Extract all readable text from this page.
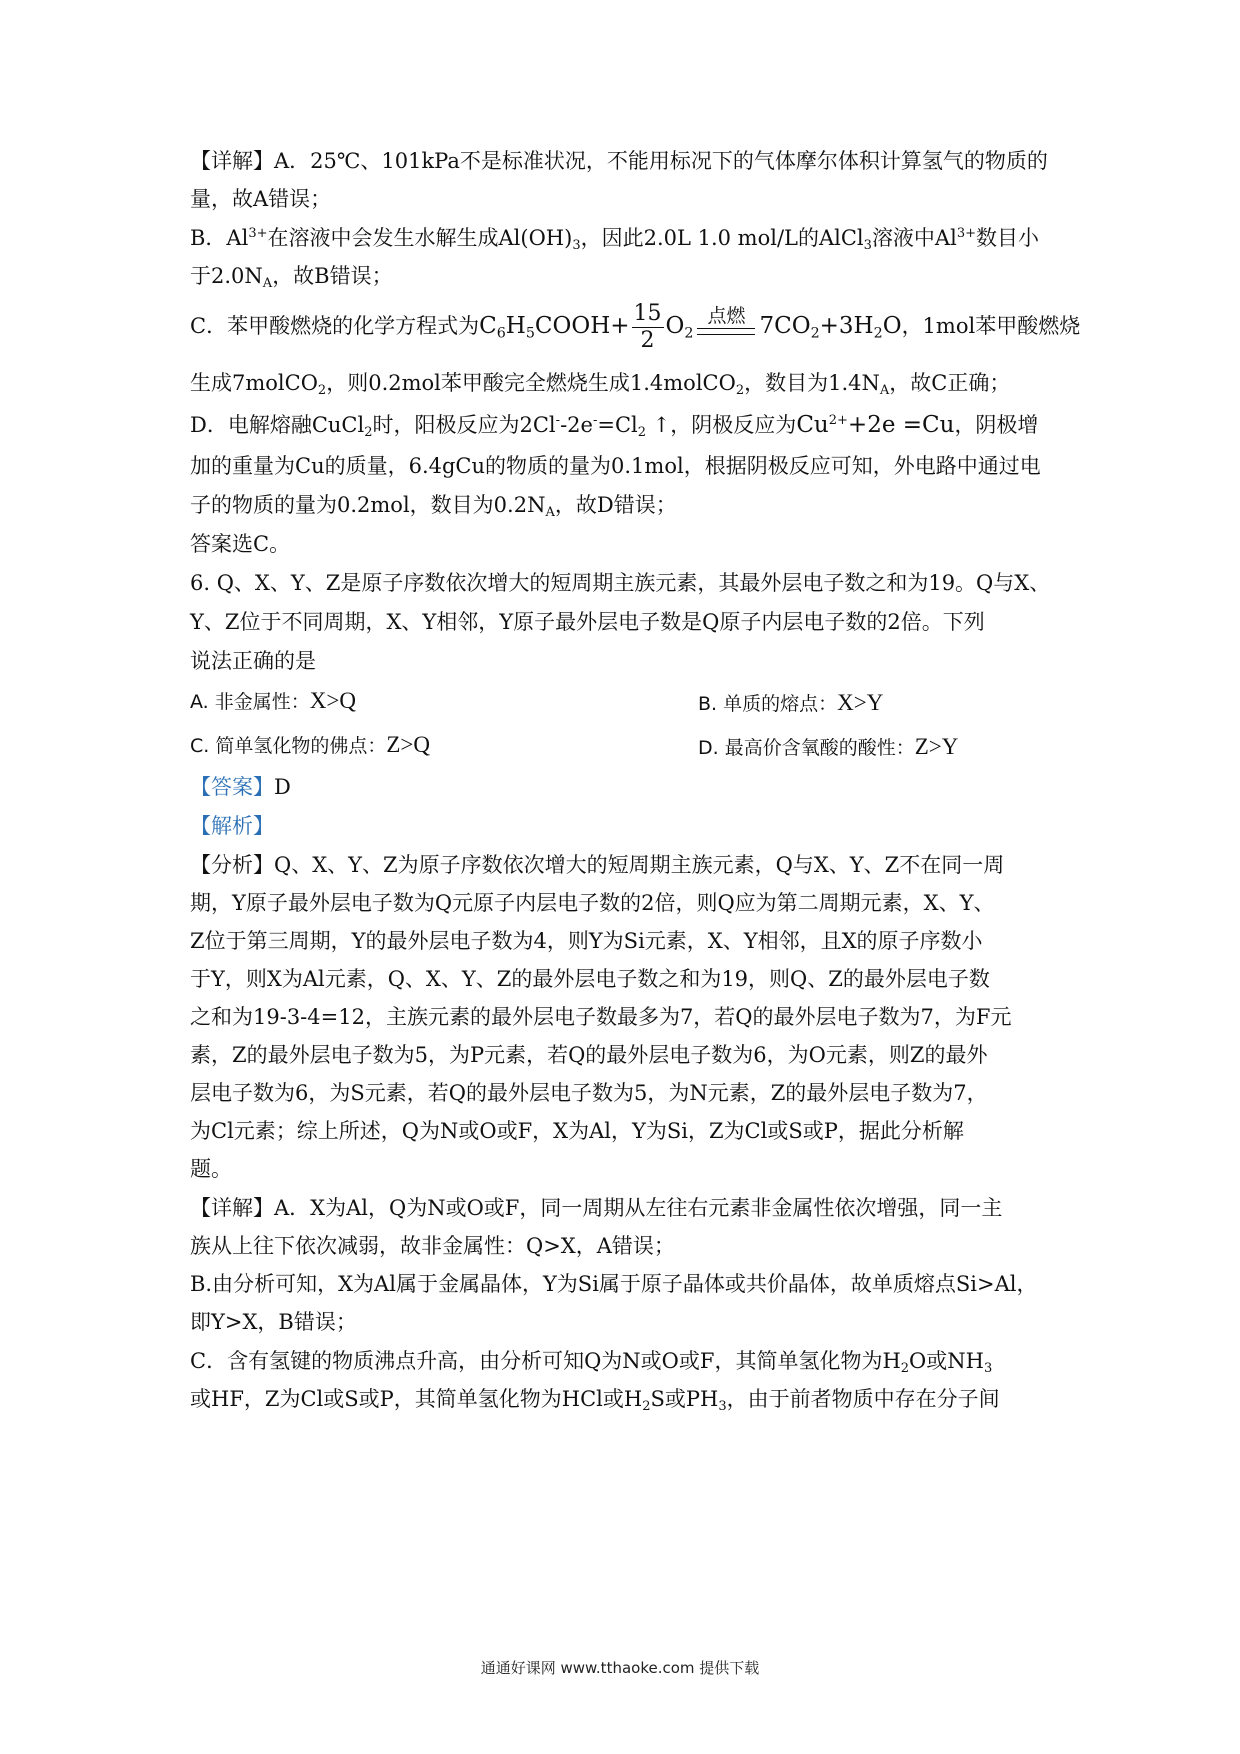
【详解】A．25℃、101kPa不是标准状况，不能用标况下的气体摩尔体积计算氢气的物质的
量，故A错误；
B．$Al^{3+}$在溶液中会发生水解生成$Al(OH)_3$，因此2.0L 1.0 mol/L的AlCl$_3$溶液中$Al^{3+}$数目小
于$2.0N_A$，故B错误；
C．苯甲酸燃烧的化学方程式为$C_6H_5COOH+ \frac{15}{2} O_2$
点燃 $7CO_2+3H_2O$，1mol苯甲酸燃烧
生成7molCO$_2$，则0.2mol苯甲酸完全燃烧生成1.4molCO$_2$，数目为$1.4N_A$，故C正确；
D．电解熔融CuCl$_2$时，阳极反应为$2Cl^--2e^-=Cl_2$ ↑，阴极反应为$Cu^{2+}+2e =Cu$，阴极增
加的重量为Cu的质量，6.4gCu的物质的量为0.1mol，根据阴极反应可知，外电路中通过电
子的物质的量为0.2mol，数目为$0.2N_A$，故D错误；
答案选C。
6. Q、X、Y、Z是原子序数依次增大的短周期主族元素，其最外层电子数之和为19。Q与X、
Y、Z位于不同周期，X、Y相邻，Y原子最外层电子数是Q原子内层电子数的2倍。下列
说法正确的是
A. 非金属性：X>Q	B. 单质的熔点：X>Y
C. 简单氢化物的佛点：Z>Q	D. 最高价含氧酸的酸性：Z>Y
【答案】D
【解析】
【分析】Q、X、Y、Z为原子序数依次增大的短周期主族元素，Q与X、Y、Z不在同一周
期，Y原子最外层电子数为Q元原子内层电子数的2倍，则Q应为第二周期元素，X、Y、
Z位于第三周期，Y的最外层电子数为4，则Y为Si元素，X、Y相邻，且X的原子序数小
于Y，则X为Al元素，Q、X、Y、Z的最外层电子数之和为19，则Q、Z的最外层电子数
之和为19-3-4=12，主族元素的最外层电子数最多为7，若Q的最外层电子数为7，为F元
素，Z的最外层电子数为5，为P元素，若Q的最外层电子数为6，为O元素，则Z的最外
层电子数为6，为S元素，若Q的最外层电子数为5，为N元素，Z的最外层电子数为7，
为Cl元素；综上所述，Q为N或O或F，X为Al，Y为Si，Z为Cl或S或P，据此分析解
题。
【详解】A．X为Al，Q为N或O或F，同一周期从左往右元素非金属性依次增强，同一主
族从上往下依次减弱，故非金属性：Q>X，A错误；
B.由分析可知，X为Al属于金属晶体，Y为Si属于原子晶体或共价晶体，故单质熔点Si>Al，
即Y>X，B错误；
C．含有氢键的物质沸点升高，由分析可知Q为N或O或F，其简单氢化物为$H_2O$或$NH_3$
或HF，Z为Cl或S或P，其简单氢化物为HCl或$H_2S$或$PH_3$，由于前者物质中存在分子间
通通好课网 www.tthaoke.com 提供下载
